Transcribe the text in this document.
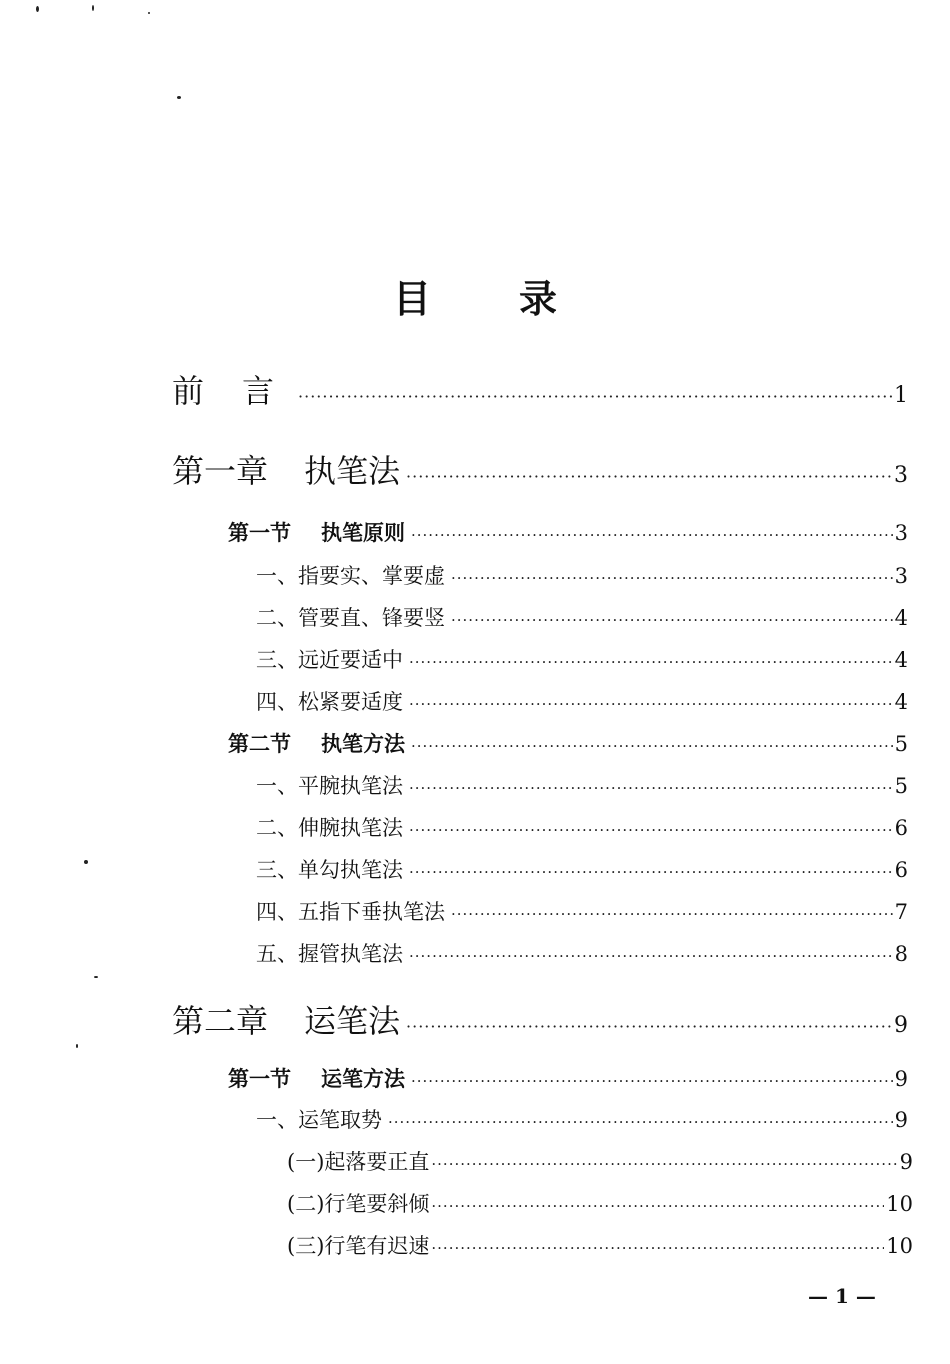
目 录
前言 ·····	1
第一章 执笔法 ·····	3
第一节 执笔原则 ·····	3
一、指要实、掌要虚 ·····	3
二、管要直、锋要竖 ·····	4
三、远近要适中 ·····	4
四、松紧要适度 ·····	4
第二节 执笔方法 ·····	5
一、平腕执笔法 ·····	5
二、伸腕执笔法 ·····	6
三、单勾执笔法 ·····	6
四、五指下垂执笔法 ·····	7
五、握管执笔法 ·····	8
第二章 运笔法 ·····	9
第一节 运笔方法 ·····	9
一、运笔取势 ·····	9
(一)起落要正直 ·····	9
(二)行笔要斜倾 ·····	10
(三)行笔有迟速 ·····	10
— 1 —
